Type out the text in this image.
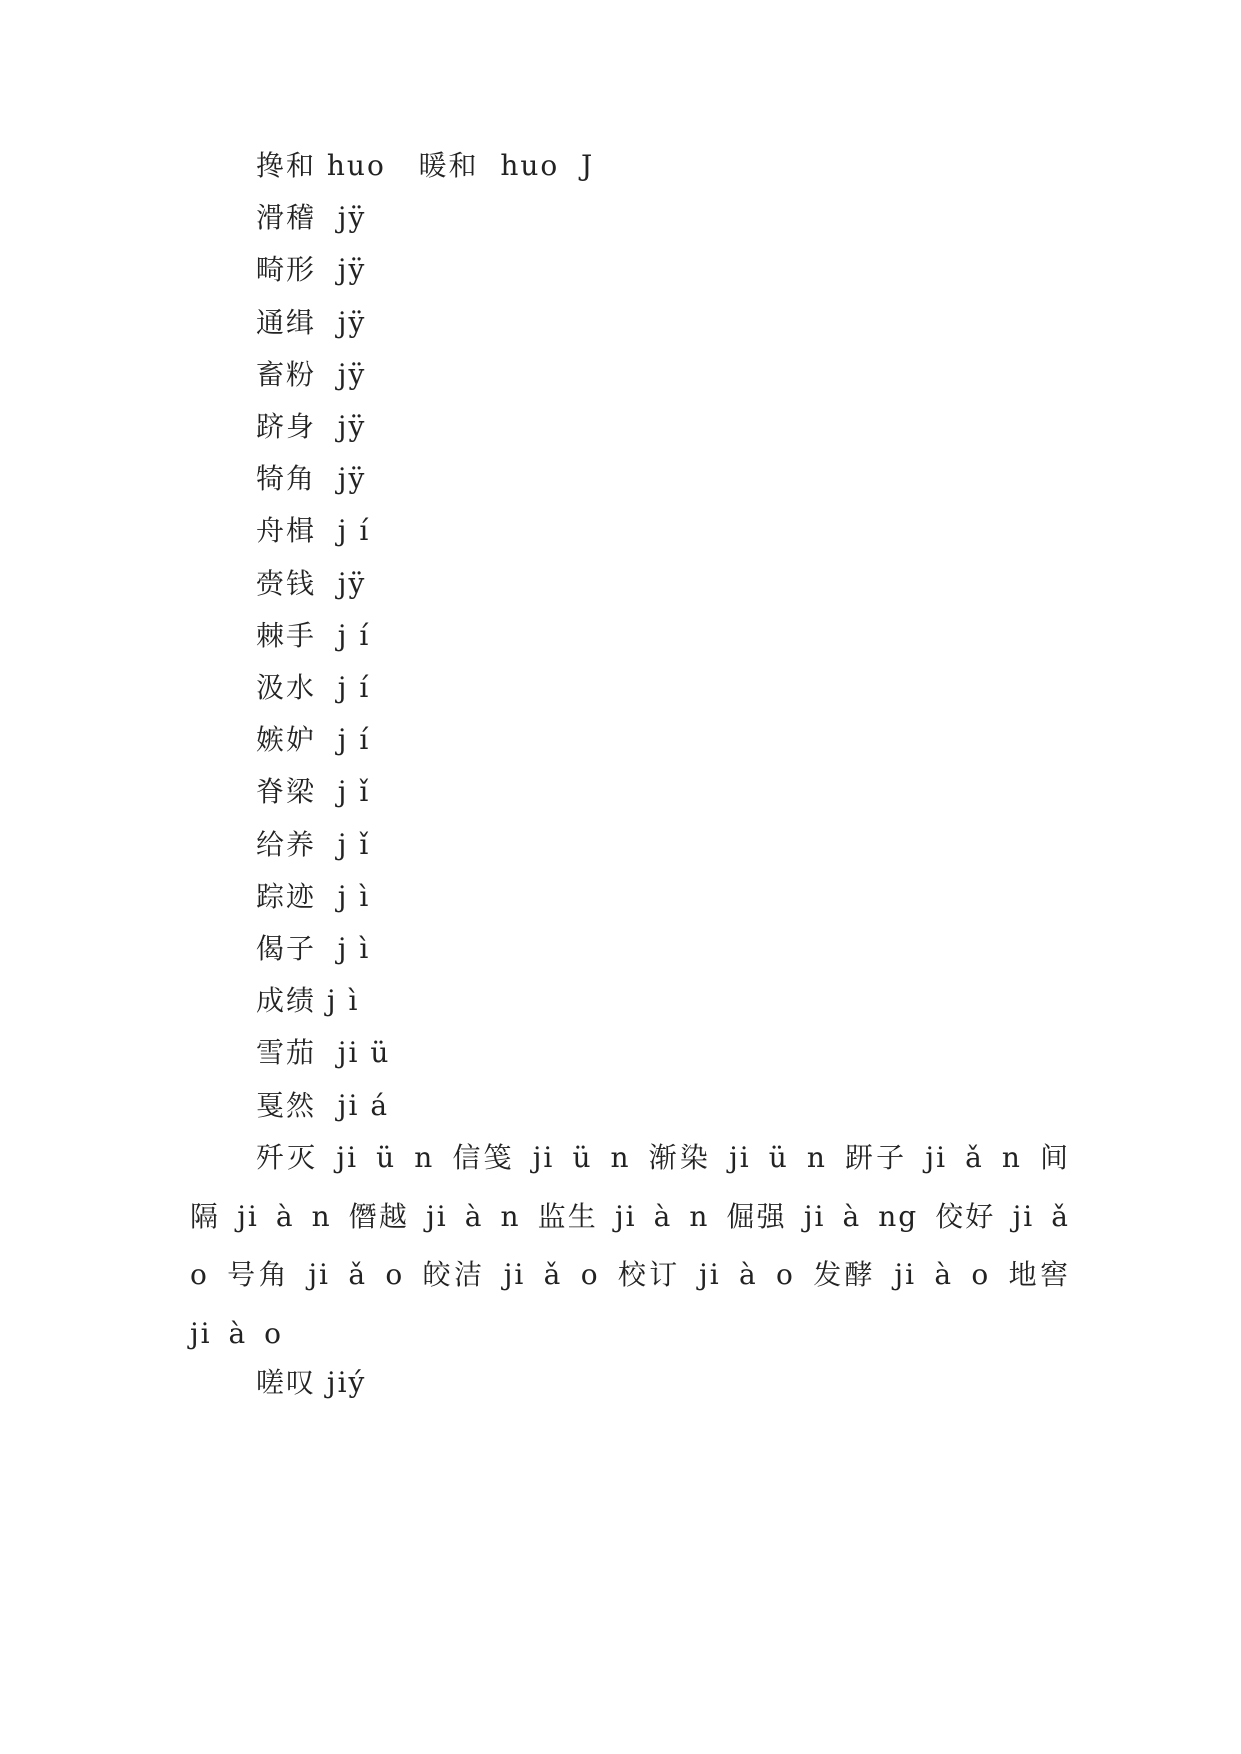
搀和 huo   暖和  huo  J
滑稽  jÿ
畸形  jÿ
通缉  jÿ
畜粉  jÿ
跻身  jÿ
犄角  jÿ
舟楫  j í
赍钱  jÿ
棘手  j í
汲水  j í
嫉妒  j í
脊梁  j ǐ
给养  j ǐ
踪迹  j ì
偈子  j ì
成绩 j ì
雪茄  ji ü
戛然  ji á
歼灭 ji ü n 信笺 ji ü n 渐染 ji ü n 趼子 ji ǎ n 间隔 ji à n 僭越 ji à n 监生 ji à n 倔强 ji à ng 佼好 ji ǎ o 号角 ji ǎ o 皎洁 ji ǎ o 校订 ji à o 发酵 ji à o 地窖 ji à o
嗟叹 jiý
